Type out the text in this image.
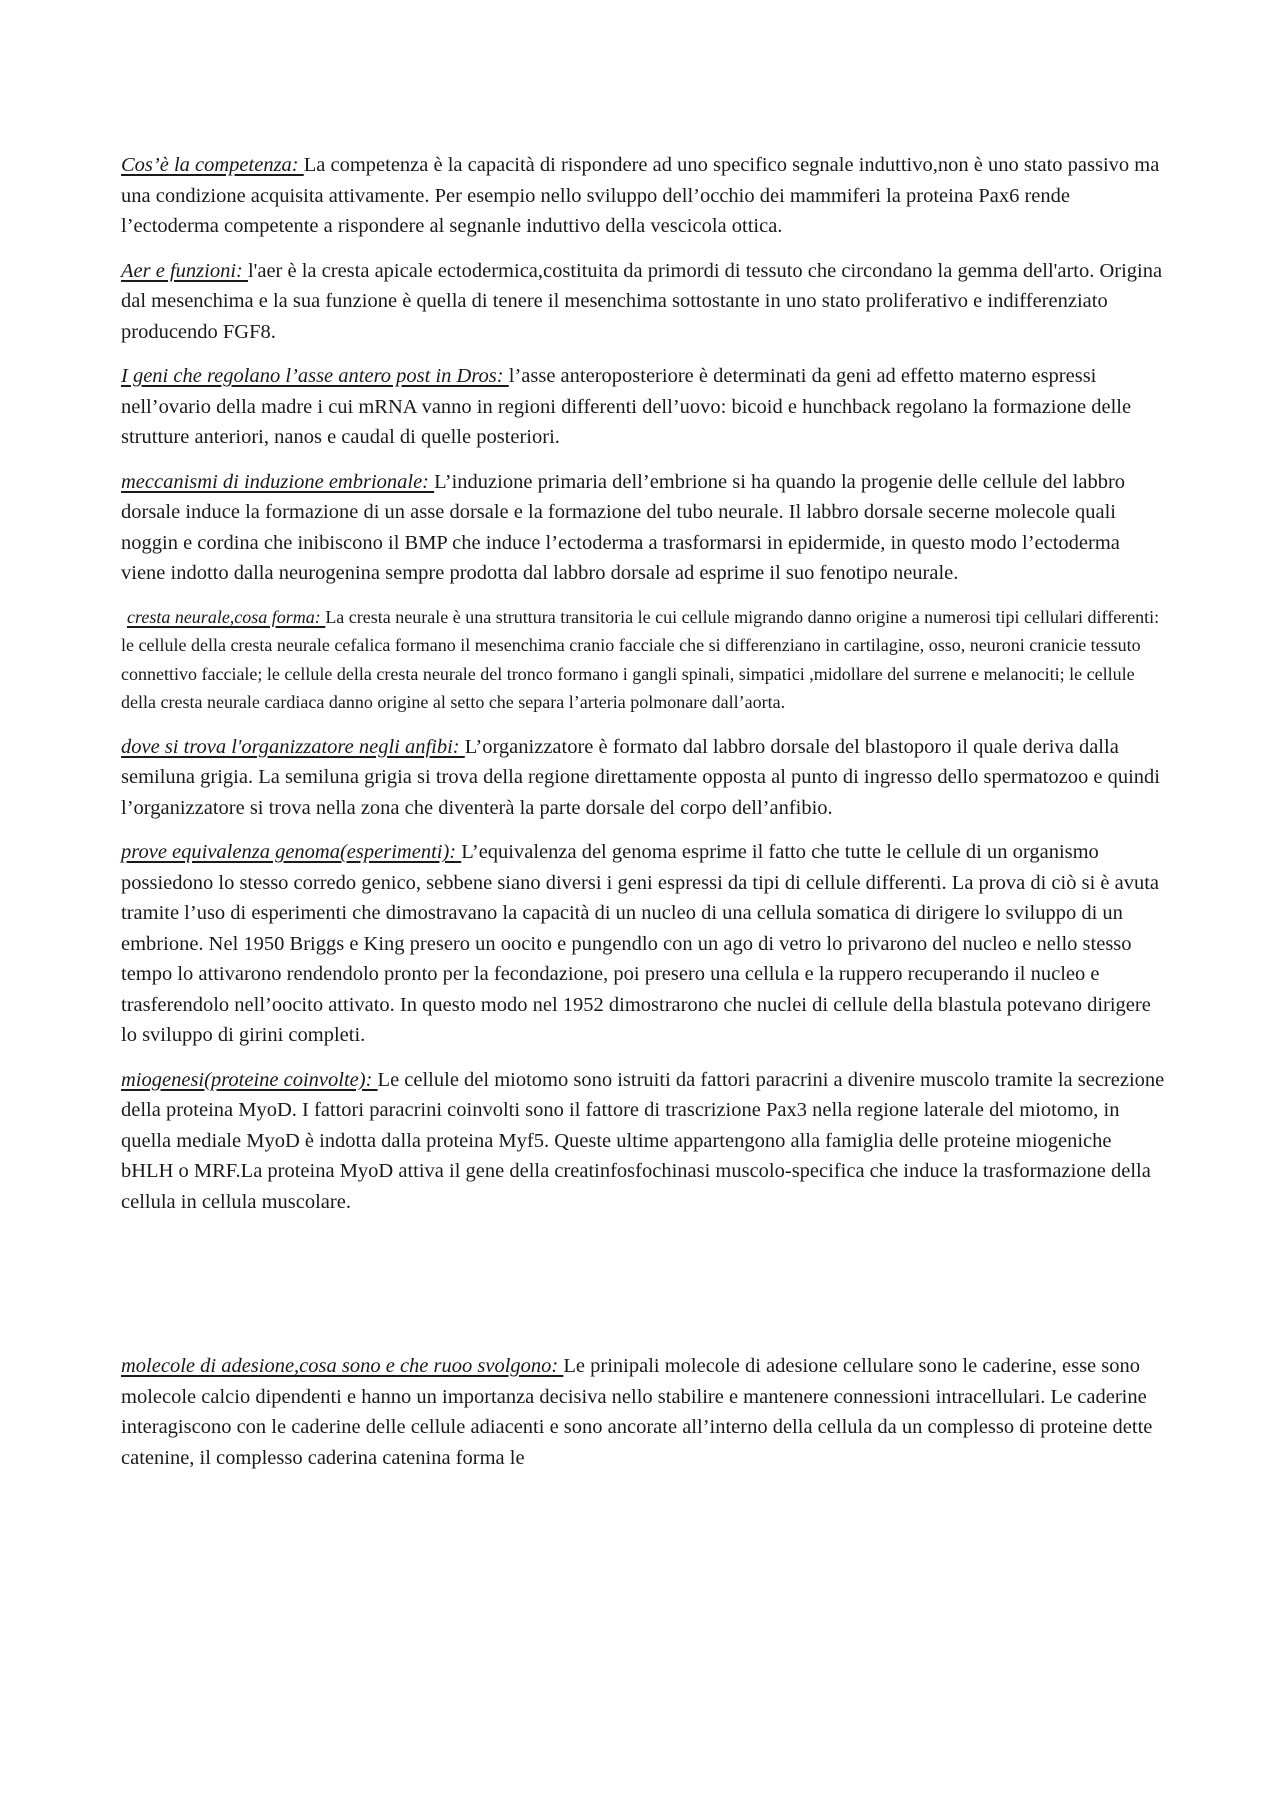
Cos’è la competenza: La competenza è la capacità di rispondere ad uno specifico segnale induttivo,non è uno stato passivo ma una condizione acquisita attivamente. Per esempio nello sviluppo dell’occhio dei mammiferi la proteina Pax6 rende l’ectoderma competente a rispondere al segnanle induttivo della vescicola ottica.

Aer e funzioni: l'aer è la cresta apicale ectodermica,costituita da primordi di tessuto che circondano la gemma dell'arto. Origina dal mesenchima e la sua funzione è quella di tenere il mesenchima sottostante in uno stato proliferativo e indifferenziato producendo FGF8.

I geni che regolano l’asse antero post in Dros: l’asse anteroposteriore è determinati da geni ad effetto materno espressi nell’ovario della madre i cui mRNA vanno in regioni differenti dell’uovo: bicoid e hunchback regolano la formazione delle strutture anteriori, nanos e caudal di quelle posteriori.

meccanismi di induzione embrionale: L’induzione primaria dell’embrione si ha quando la progenie delle cellule del labbro dorsale induce la formazione di un asse dorsale e la formazione del tubo neurale. Il labbro dorsale secerne molecole quali noggin e cordina che inibiscono il BMP che induce l’ectoderma a trasformarsi in epidermide, in questo modo l’ectoderma viene indotto dalla neurogenina sempre prodotta dal labbro dorsale ad esprime il suo fenotipo neurale.

cresta neurale,cosa forma: La cresta neurale è una struttura transitoria le cui cellule migrando danno origine a numerosi tipi cellulari differenti: le cellule della cresta neurale cefalica formano il mesenchima cranio facciale che si differenziano in cartilagine, osso, neuroni cranicie tessuto connettivo facciale; le cellule della cresta neurale del tronco formano i gangli spinali, simpatici ,midollare del surrene e melanociti; le cellule della cresta neurale cardiaca danno origine al setto che separa l’arteria polmonare dall’aorta.

dove si trova l'organizzatore negli anfibi: L’organizzatore è formato dal labbro dorsale del blastoporo il quale deriva dalla semiluna grigia. La semiluna grigia si trova della regione direttamente opposta al punto di ingresso dello spermatozoo e quindi l’organizzatore si trova nella zona che diventerà la parte dorsale del corpo dell’anfibio.

prove equivalenza genoma(esperimenti): L’equivalenza del genoma esprime il fatto che tutte le cellule di un organismo possiedono lo stesso corredo genico, sebbene siano diversi i geni espressi da tipi di cellule differenti. La prova di ciò si è avuta tramite l’uso di esperimenti che dimostravano la capacità di un nucleo di una cellula somatica di dirigere lo sviluppo di un embrione. Nel 1950 Briggs e King presero un oocito e pungendlo con un ago di vetro lo privarono del nucleo e nello stesso tempo lo attivarono rendendolo pronto per la fecondazione, poi presero una cellula e la ruppero recuperando il nucleo e trasferendolo nell’oocito attivato. In questo modo nel 1952 dimostrarono che nuclei di cellule della blastula potevano dirigere lo sviluppo di girini completi.

miogenesi(proteine coinvolte): Le cellule del miotomo sono istruiti da fattori paracrini a divenire muscolo tramite la secrezione della proteina MyoD. I fattori paracrini coinvolti sono il fattore di trascrizione Pax3 nella regione laterale del miotomo, in quella mediale MyoD è indotta dalla proteina Myf5. Queste ultime appartengono alla famiglia delle proteine miogeniche bHLH o MRF.La proteina MyoD attiva il gene della creatinfosfochinasi muscolo-specifica che induce la trasformazione della cellula in cellula muscolare.

molecole di adesione,cosa sono e che ruoo svolgono: Le prinipali molecole di adesione cellulare sono le caderine, esse sono molecole calcio dipendenti e hanno un importanza decisiva nello stabilire e mantenere connessioni intracellulari. Le caderine interagiscono con le caderine delle cellule adiacenti e sono ancorate all’interno della cellula da un complesso di proteine dette catenine, il complesso caderina catenina forma le
